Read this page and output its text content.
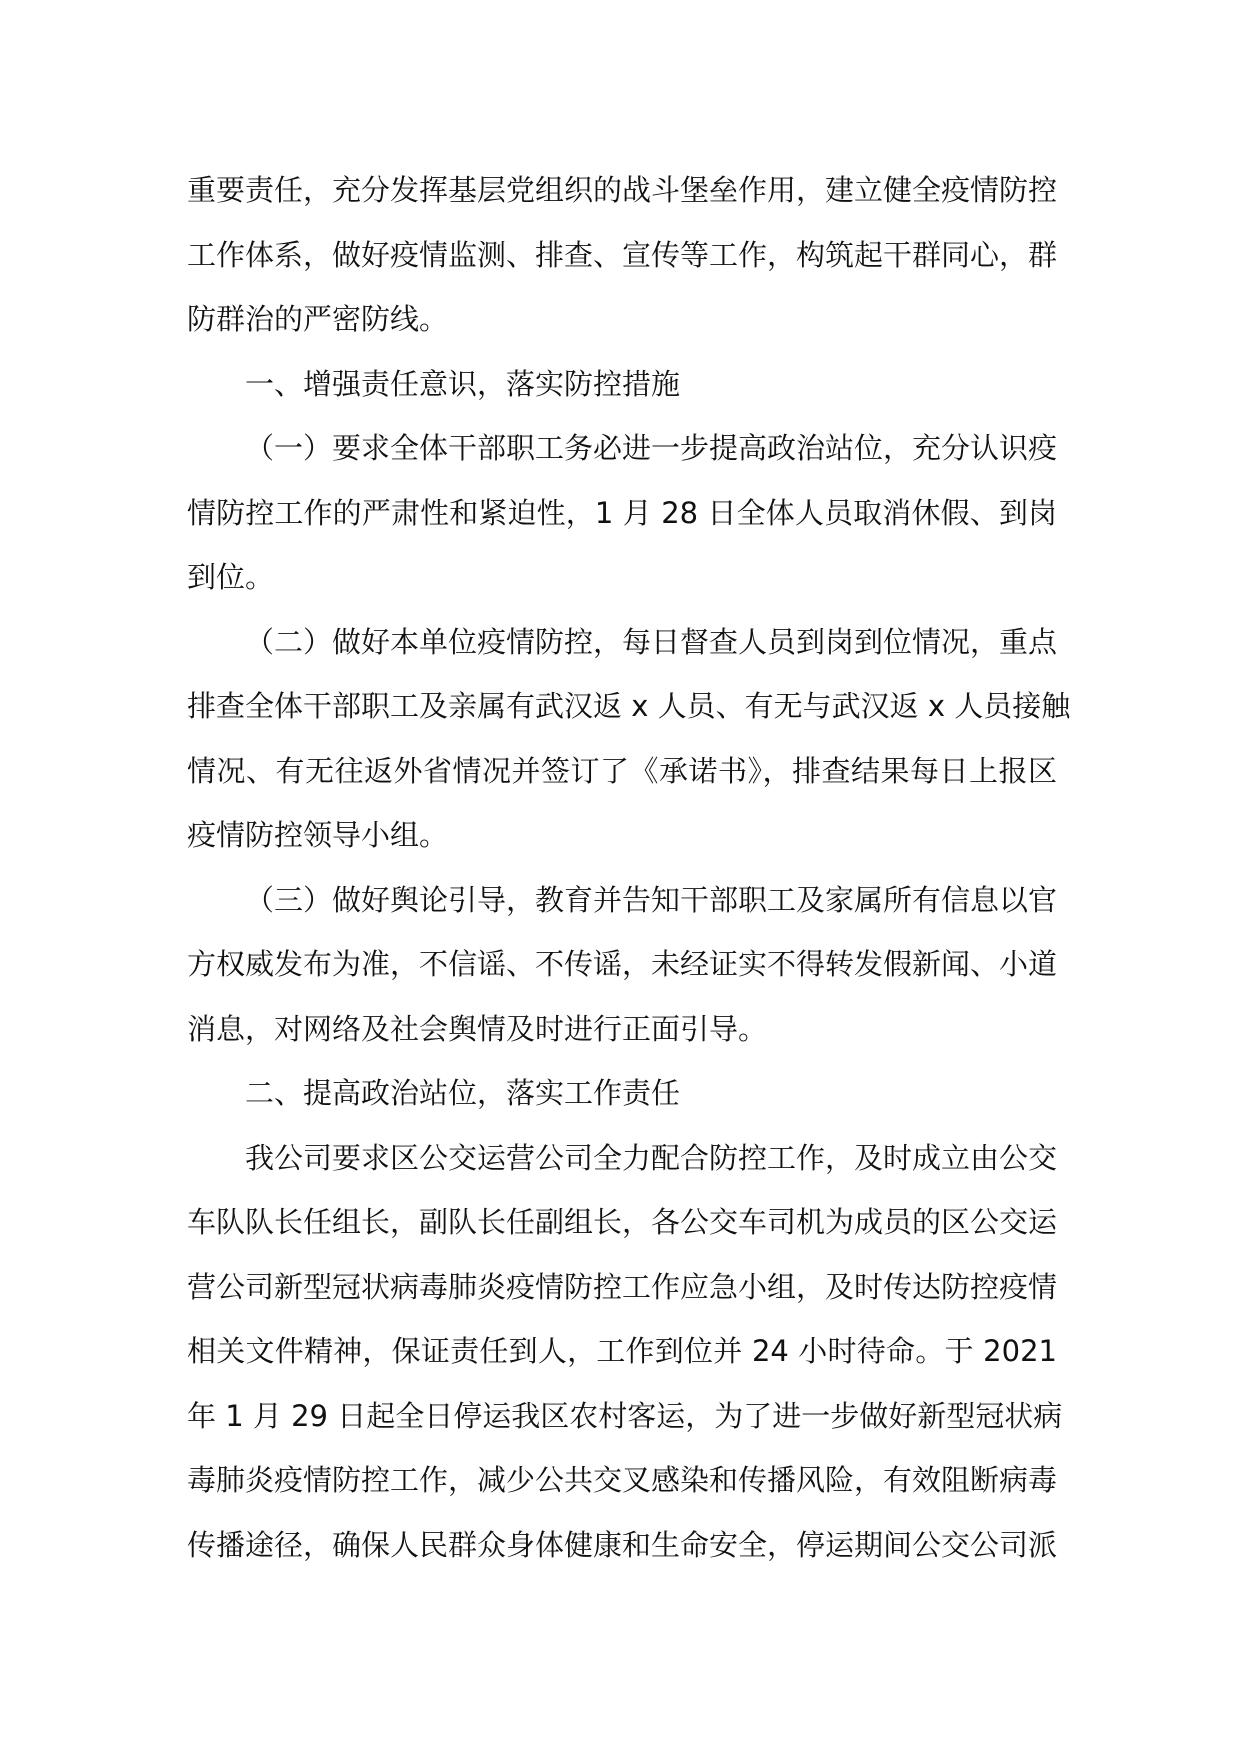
重要责任，充分发挥基层党组织的战斗堡垒作用，建立健全疫情防控
工作体系，做好疫情监测、排查、宣传等工作，构筑起干群同心，群
防群治的严密防线。
一、增强责任意识，落实防控措施
（一）要求全体干部职工务必进一步提高政治站位，充分认识疫
情防控工作的严肃性和紧迫性，1 月 28 日全体人员取消休假、到岗
到位。
（二）做好本单位疫情防控，每日督查人员到岗到位情况，重点
排查全体干部职工及亲属有武汉返 x 人员、有无与武汉返 x 人员接触
情况、有无往返外省情况并签订了《承诺书》，排查结果每日上报区
疫情防控领导小组。
（三）做好舆论引导，教育并告知干部职工及家属所有信息以官
方权威发布为准，不信谣、不传谣，未经证实不得转发假新闻、小道
消息，对网络及社会舆情及时进行正面引导。
二、提高政治站位，落实工作责任
我公司要求区公交运营公司全力配合防控工作，及时成立由公交
车队队长任组长，副队长任副组长，各公交车司机为成员的区公交运
营公司新型冠状病毒肺炎疫情防控工作应急小组，及时传达防控疫情
相关文件精神，保证责任到人，工作到位并 24 小时待命。于 2021
年 1 月 29 日起全日停运我区农村客运，为了进一步做好新型冠状病
毒肺炎疫情防控工作，减少公共交叉感染和传播风险，有效阻断病毒
传播途径，确保人民群众身体健康和生命安全，停运期间公交公司派
